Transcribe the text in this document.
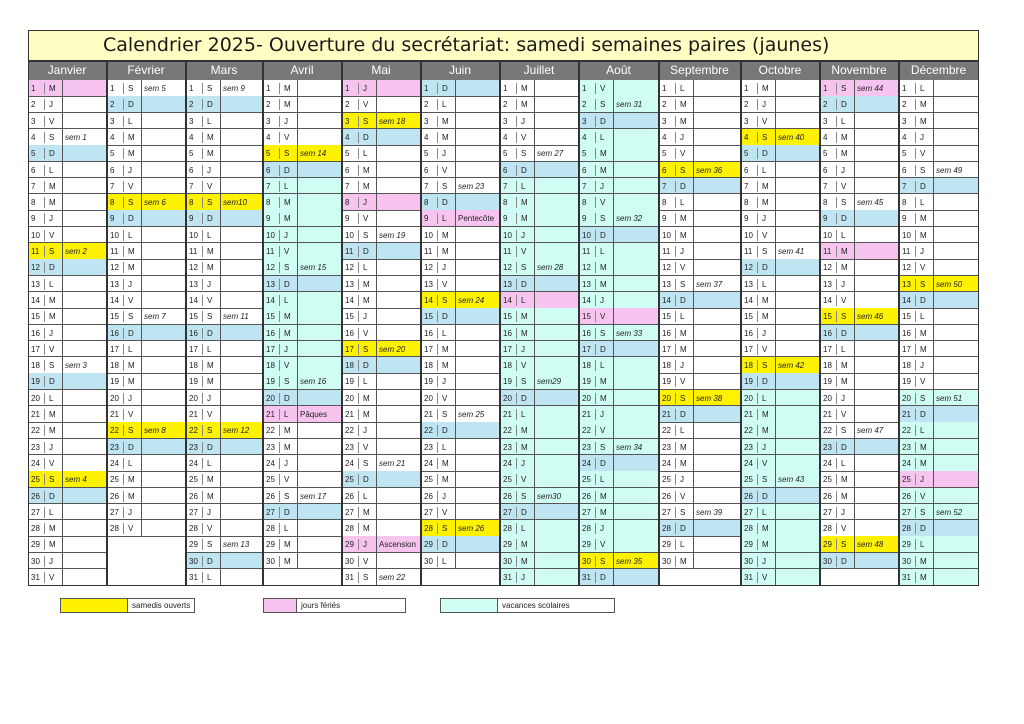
Calendrier 2025- Ouverture du secrétariat: samedi semaines paires (jaunes)
Janvier
1 M
2 J
3 V
4 S sem 1
5 D
6 L
7 M
8 M
9 J
10 V
11 S sem 2
12 D
13 L
14 M
15 M
16 J
17 V
18 S sem 3
19 D
20 L
21 M
22 M
23 J
24 V
25 S sem 4
26 D
27 L
28 M
29 M
30 J
31 V
Février
1 S sem 5
2 D
3 L
4 M
5 M
6 J
7 V
8 S sem 6
9 D
10 L
11 M
12 M
13 J
14 V
15 S sem 7
16 D
17 L
18 M
19 M
20 J
21 V
22 S sem 8
23 D
24 L
25 M
26 M
27 J
28 V
Mars
1 S sem 9
2 D
3 L
4 M
5 M
6 J
7 V
8 S sem10
9 D
10 L
11 M
12 M
13 J
14 V
15 S sem 11
16 D
17 L
18 M
19 M
20 J
21 V
22 S sem 12
23 D
24 L
25 M
26 M
27 J
28 V
29 S sem 13
30 D
31 L
Avril
1 M
2 M
3 J
4 V
5 S sem 14
6 D
7 L
8 M
9 M
10 J
11 V
12 S sem 15
13 D
14 L
15 M
16 M
17 J
18 V
19 S sem 16
20 D
21 L Pâques
22 M
23 M
24 J
25 V
26 S sem 17
27 D
28 L
29 M
30 M
Mai
1 J
2 V
3 S sem 18
4 D
5 L
6 M
7 M
8 J
9 V
10 S sem 19
11 D
12 L
13 M
14 M
15 J
16 V
17 S sem 20
18 D
19 L
20 M
21 M
22 J
23 V
24 S sem 21
25 D
26 L
27 M
28 M
29 J Ascension
30 V
31 S sem 22
Juin
1 D
2 L
3 M
4 M
5 J
6 V
7 S sem 23
8 D
9 L Pentecôte
10 M
11 M
12 J
13 V
14 S sem 24
15 D
16 L
17 M
18 M
19 J
20 V
21 S sem 25
22 D
23 L
24 M
25 M
26 J
27 V
28 S sem 26
29 D
30 L
Juillet
1 M
2 M
3 J
4 V
5 S sem 27
6 D
7 L
8 M
9 M
10 J
11 V
12 S sem 28
13 D
14 L
15 M
16 M
17 J
18 V
19 S sem29
20 D
21 L
22 M
23 M
24 J
25 V
26 S sem30
27 D
28 L
29 M
30 M
31 J
Août
1 V
2 S sem 31
3 D
4 L
5 M
6 M
7 J
8 V
9 S sem 32
10 D
11 L
12 M
13 M
14 J
15 V
16 S sem 33
17 D
18 L
19 M
20 M
21 J
22 V
23 S sem 34
24 D
25 L
26 M
27 M
28 J
29 V
30 S sem 35
31 D
Septembre
1 L
2 M
3 M
4 J
5 V
6 S sem 36
7 D
8 L
9 M
10 M
11 J
12 V
13 S sem 37
14 D
15 L
16 M
17 M
18 J
19 V
20 S sem 38
21 D
22 L
23 M
24 M
25 J
26 V
27 S sem 39
28 D
29 L
30 M
Octobre
1 M
2 J
3 V
4 S sem 40
5 D
6 L
7 M
8 M
9 J
10 V
11 S sem 41
12 D
13 L
14 M
15 M
16 J
17 V
18 S sem 42
19 D
20 L
21 M
22 M
23 J
24 V
25 S sem 43
26 D
27 L
28 M
29 M
30 J
31 V
Novembre
1 S sem 44
2 D
3 L
4 M
5 M
6 J
7 V
8 S sem 45
9 D
10 L
11 M
12 M
13 J
14 V
15 S sem 46
16 D
17 L
18 M
19 M
20 J
21 V
22 S sem 47
23 D
24 L
25 M
26 M
27 J
28 V
29 S sem 48
30 D
Décembre
1 L
2 M
3 M
4 J
5 V
6 S sem 49
7 D
8 L
9 M
10 M
11 J
12 V
13 S sem 50
14 D
15 L
16 M
17 M
18 J
19 V
20 S sem 51
21 D
22 L
23 M
24 M
25 J
26 V
27 S sem 52
28 D
29 L
30 M
31 M
samedis ouverts	jours fériés	vacances scolaires
